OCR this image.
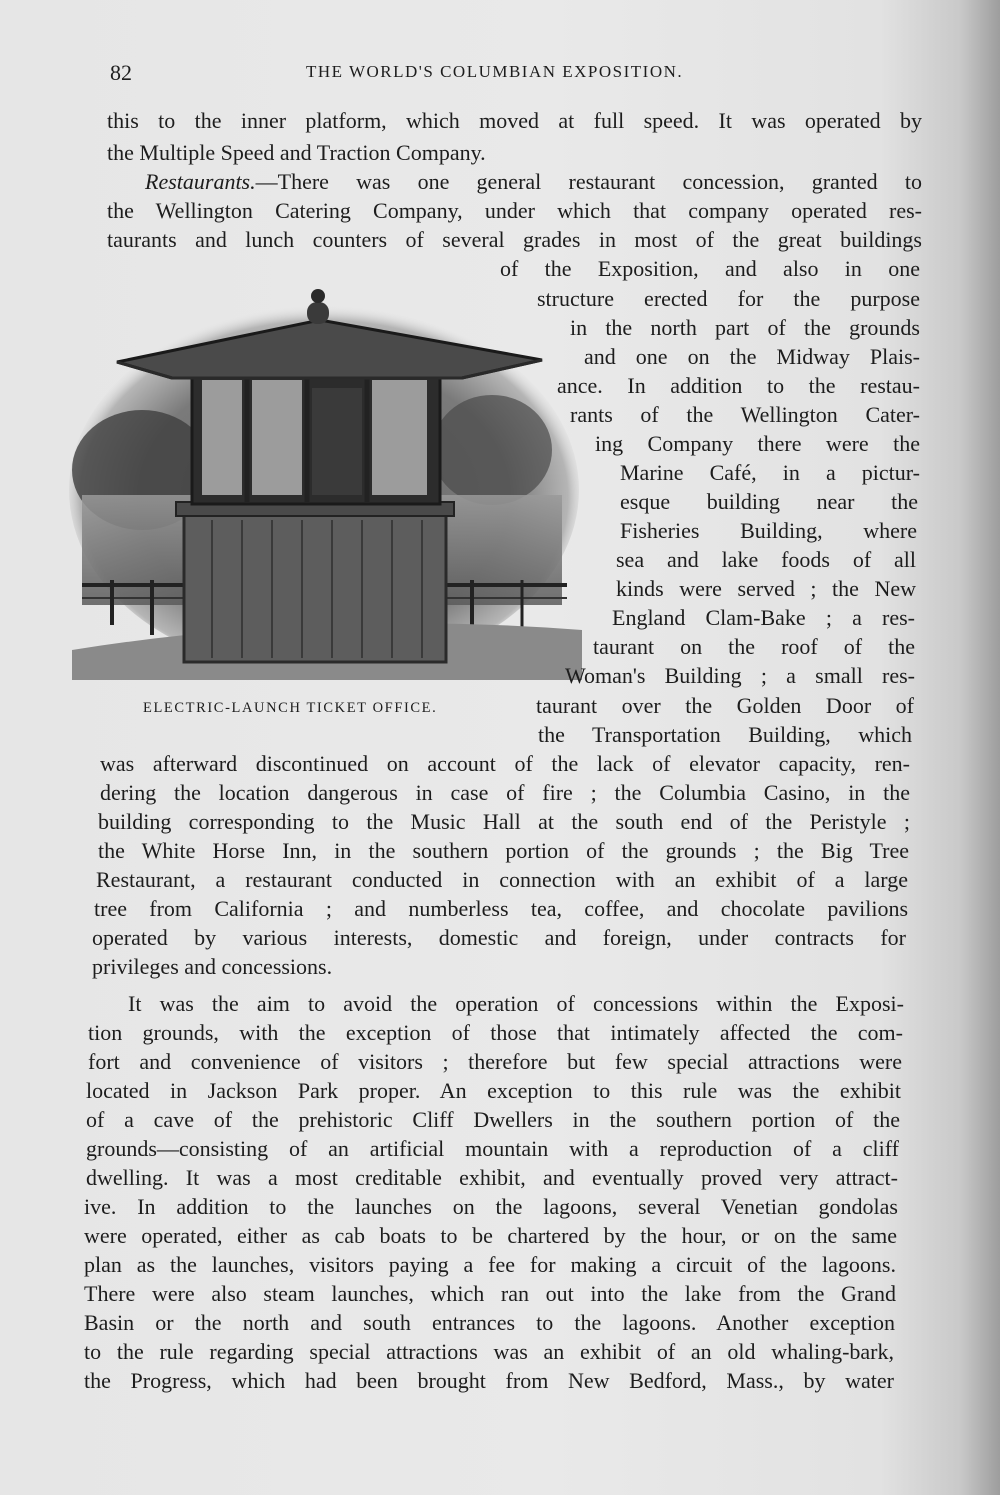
82	THE WORLD'S COLUMBIAN EXPOSITION.
ELECTRIC-LAUNCH TICKET OFFICE.
this to the inner platform, which moved at full speed. It was operated by
the Multiple Speed and Traction Company.
Restaurants.—There was one general restaurant concession, granted to
the Wellington Catering Company, under which that company operated res-
taurants and lunch counters of several grades in most of the great buildings
of the Exposition, and also in one
structure erected for the purpose
in the north part of the grounds
and one on the Midway Plais-
ance. In addition to the restau-
rants of the Wellington Cater-
ing Company there were the
Marine Café, in a pictur-
esque building near the
Fisheries Building, where
sea and lake foods of all
kinds were served ; the New
England Clam-Bake ; a res-
taurant on the roof of the
Woman's Building ; a small res-
taurant over the Golden Door of
the Transportation Building, which
was afterward discontinued on account of the lack of elevator capacity, ren-
dering the location dangerous in case of fire ; the Columbia Casino, in the
building corresponding to the Music Hall at the south end of the Peristyle ;
the White Horse Inn, in the southern portion of the grounds ; the Big Tree
Restaurant, a restaurant conducted in connection with an exhibit of a large
tree from California ; and numberless tea, coffee, and chocolate pavilions
operated by various interests, domestic and foreign, under contracts for
privileges and concessions.
It was the aim to avoid the operation of concessions within the Exposi-
tion grounds, with the exception of those that intimately affected the com-
fort and convenience of visitors ; therefore but few special attractions were
located in Jackson Park proper. An exception to this rule was the exhibit
of a cave of the prehistoric Cliff Dwellers in the southern portion of the
grounds—consisting of an artificial mountain with a reproduction of a cliff
dwelling. It was a most creditable exhibit, and eventually proved very attract-
ive. In addition to the launches on the lagoons, several Venetian gondolas
were operated, either as cab boats to be chartered by the hour, or on the same
plan as the launches, visitors paying a fee for making a circuit of the lagoons.
There were also steam launches, which ran out into the lake from the Grand
Basin or the north and south entrances to the lagoons. Another exception
to the rule regarding special attractions was an exhibit of an old whaling-bark,
the Progress, which had been brought from New Bedford, Mass., by water
